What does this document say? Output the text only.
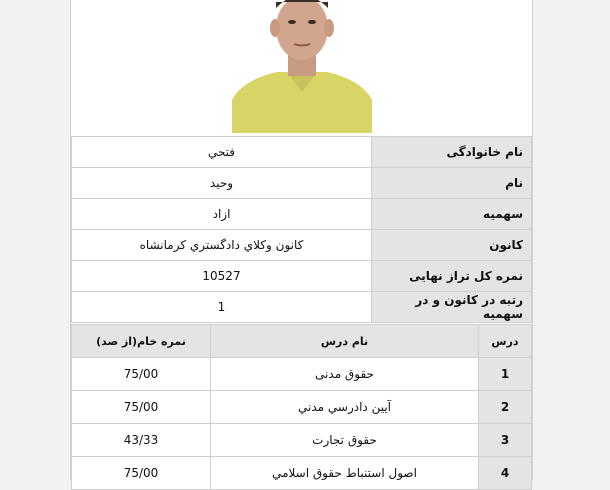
نام خانوادگی	فتحي
نام	وحيد
سهمیه	ازاد
کانون	کانون وکلاي دادگستري کرمانشاه
نمره کل تراز نهایی	10527
رتبه در کانون و در سهمیه	1
درس	نام درس	نمره خام(از صد)
1	حقوق مدنی	75/00
2	آيين دادرسي مدني	75/00
3	حقوق تجارت	43/33
4	اصول استنباط حقوق اسلامي	75/00
